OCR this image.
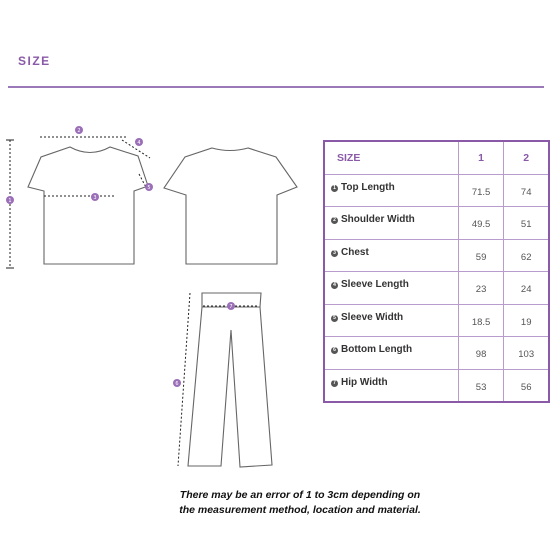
SIZE
1
2
3
4
5
6
7
SIZE	1	2
1 Top Length	71.5	74
2 Shoulder Width	49.5	51
3 Chest	59	62
4 Sleeve Length	23	24
5 Sleeve Width	18.5	19
6 Bottom Length	98	103
7 Hip Width	53	56
There may be an error of 1 to 3cm depending on
the measurement method, location and material.
